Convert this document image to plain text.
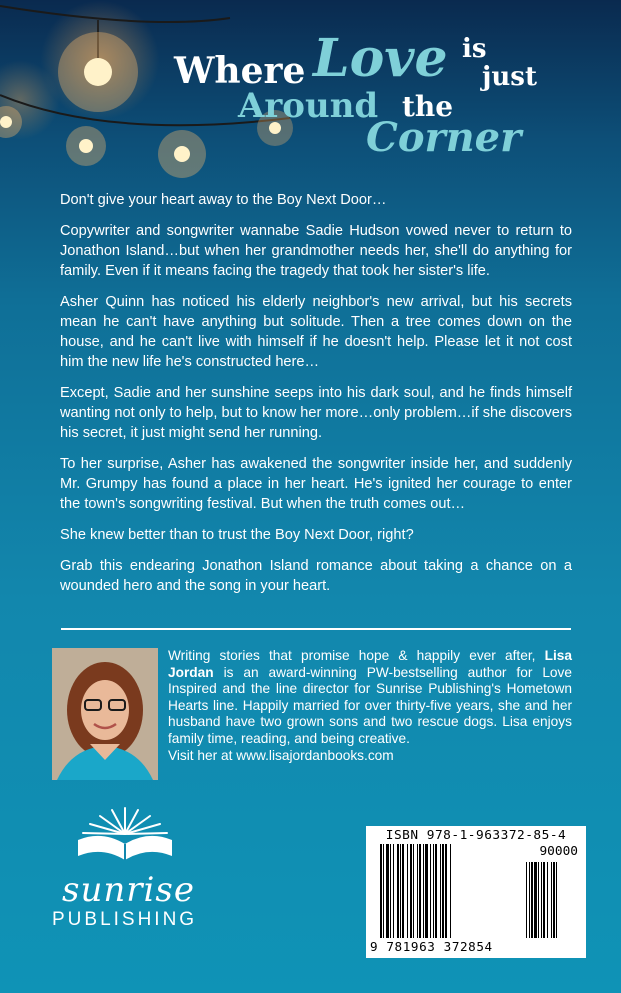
Where Love is
just
Around the
Corner

Don't give your heart away to the Boy Next Door…

Copywriter and songwriter wannabe Sadie Hudson vowed never to return to Jonathon Island…but when her grandmother needs her, she'll do anything for family. Even if it means facing the tragedy that took her sister's life.

Asher Quinn has noticed his elderly neighbor's new arrival, but his secrets mean he can't have anything but solitude. Then a tree comes down on the house, and he can't live with himself if he doesn't help. Please let it not cost him the new life he's constructed here…

Except, Sadie and her sunshine seeps into his dark soul, and he finds himself wanting not only to help, but to know her more…only problem…if she discovers his secret, it just might send her running.

To her surprise, Asher has awakened the songwriter inside her, and suddenly Mr. Grumpy has found a place in her heart. He's ignited her courage to enter the town's songwriting festival. But when the truth comes out…

She knew better than to trust the Boy Next Door, right?

Grab this endearing Jonathon Island romance about taking a chance on a wounded hero and the song in your heart.

Writing stories that promise hope & happily ever after, Lisa Jordan is an award-winning PW-bestselling author for Love Inspired and the line director for Sunrise Publishing's Hometown Hearts line. Happily married for over thirty-five years, she and her husband have two grown sons and two rescue dogs. Lisa enjoys family time, reading, and being creative.

Visit her at www.lisajordanbooks.com

sunrise
PUBLISHING
ISBN 978-1-963372-85-4
90000
9 781963 372854
